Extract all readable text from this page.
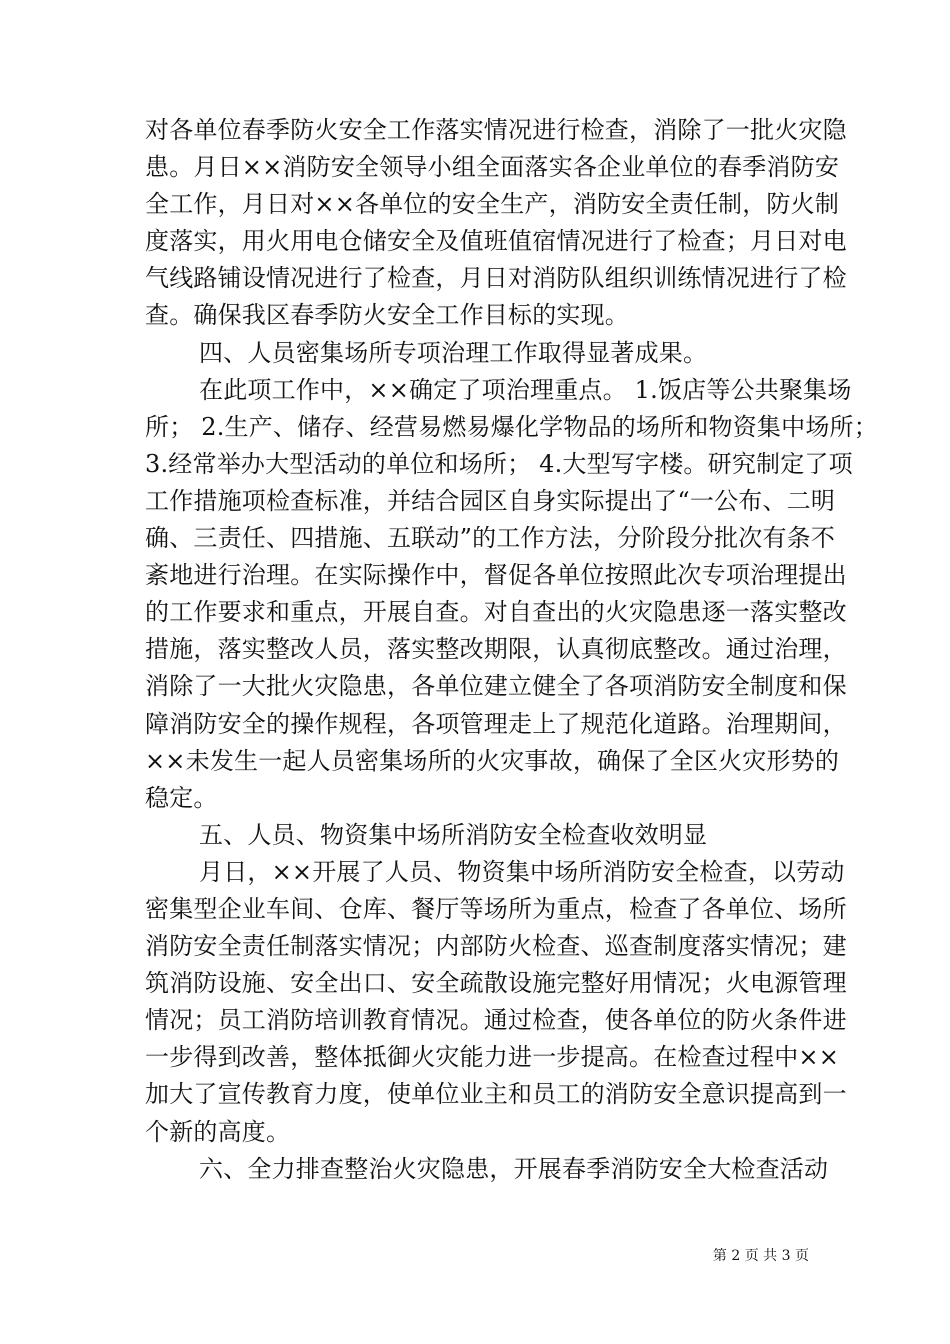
对各单位春季防火安全工作落实情况进行检查，消除了一批火灾隐
患。月日××消防安全领导小组全面落实各企业单位的春季消防安
全工作，月日对××各单位的安全生产，消防安全责任制，防火制
度落实，用火用电仓储安全及值班值宿情况进行了检查；月日对电
气线路铺设情况进行了检查，月日对消防队组织训练情况进行了检
查。确保我区春季防火安全工作目标的实现。
四、人员密集场所专项治理工作取得显著成果。
在此项工作中，××确定了项治理重点。 1.饭店等公共聚集场
所； 2.生产、储存、经营易燃易爆化学物品的场所和物资集中场所；
3.经常举办大型活动的单位和场所； 4.大型写字楼。研究制定了项
工作措施项检查标准，并结合园区自身实际提出了“一公布、二明
确、三责任、四措施、五联动”的工作方法，分阶段分批次有条不
紊地进行治理。在实际操作中，督促各单位按照此次专项治理提出
的工作要求和重点，开展自查。对自查出的火灾隐患逐一落实整改
措施，落实整改人员，落实整改期限，认真彻底整改。通过治理，
消除了一大批火灾隐患，各单位建立健全了各项消防安全制度和保
障消防安全的操作规程，各项管理走上了规范化道路。治理期间，
××未发生一起人员密集场所的火灾事故，确保了全区火灾形势的
稳定。
五、人员、物资集中场所消防安全检查收效明显
月日，××开展了人员、物资集中场所消防安全检查，以劳动
密集型企业车间、仓库、餐厅等场所为重点，检查了各单位、场所
消防安全责任制落实情况；内部防火检查、巡查制度落实情况；建
筑消防设施、安全出口、安全疏散设施完整好用情况；火电源管理
情况；员工消防培训教育情况。通过检查，使各单位的防火条件进
一步得到改善，整体抵御火灾能力进一步提高。在检查过程中××
加大了宣传教育力度，使单位业主和员工的消防安全意识提高到一
个新的高度。
六、全力排查整治火灾隐患，开展春季消防安全大检查活动
第 2 页 共 3 页
